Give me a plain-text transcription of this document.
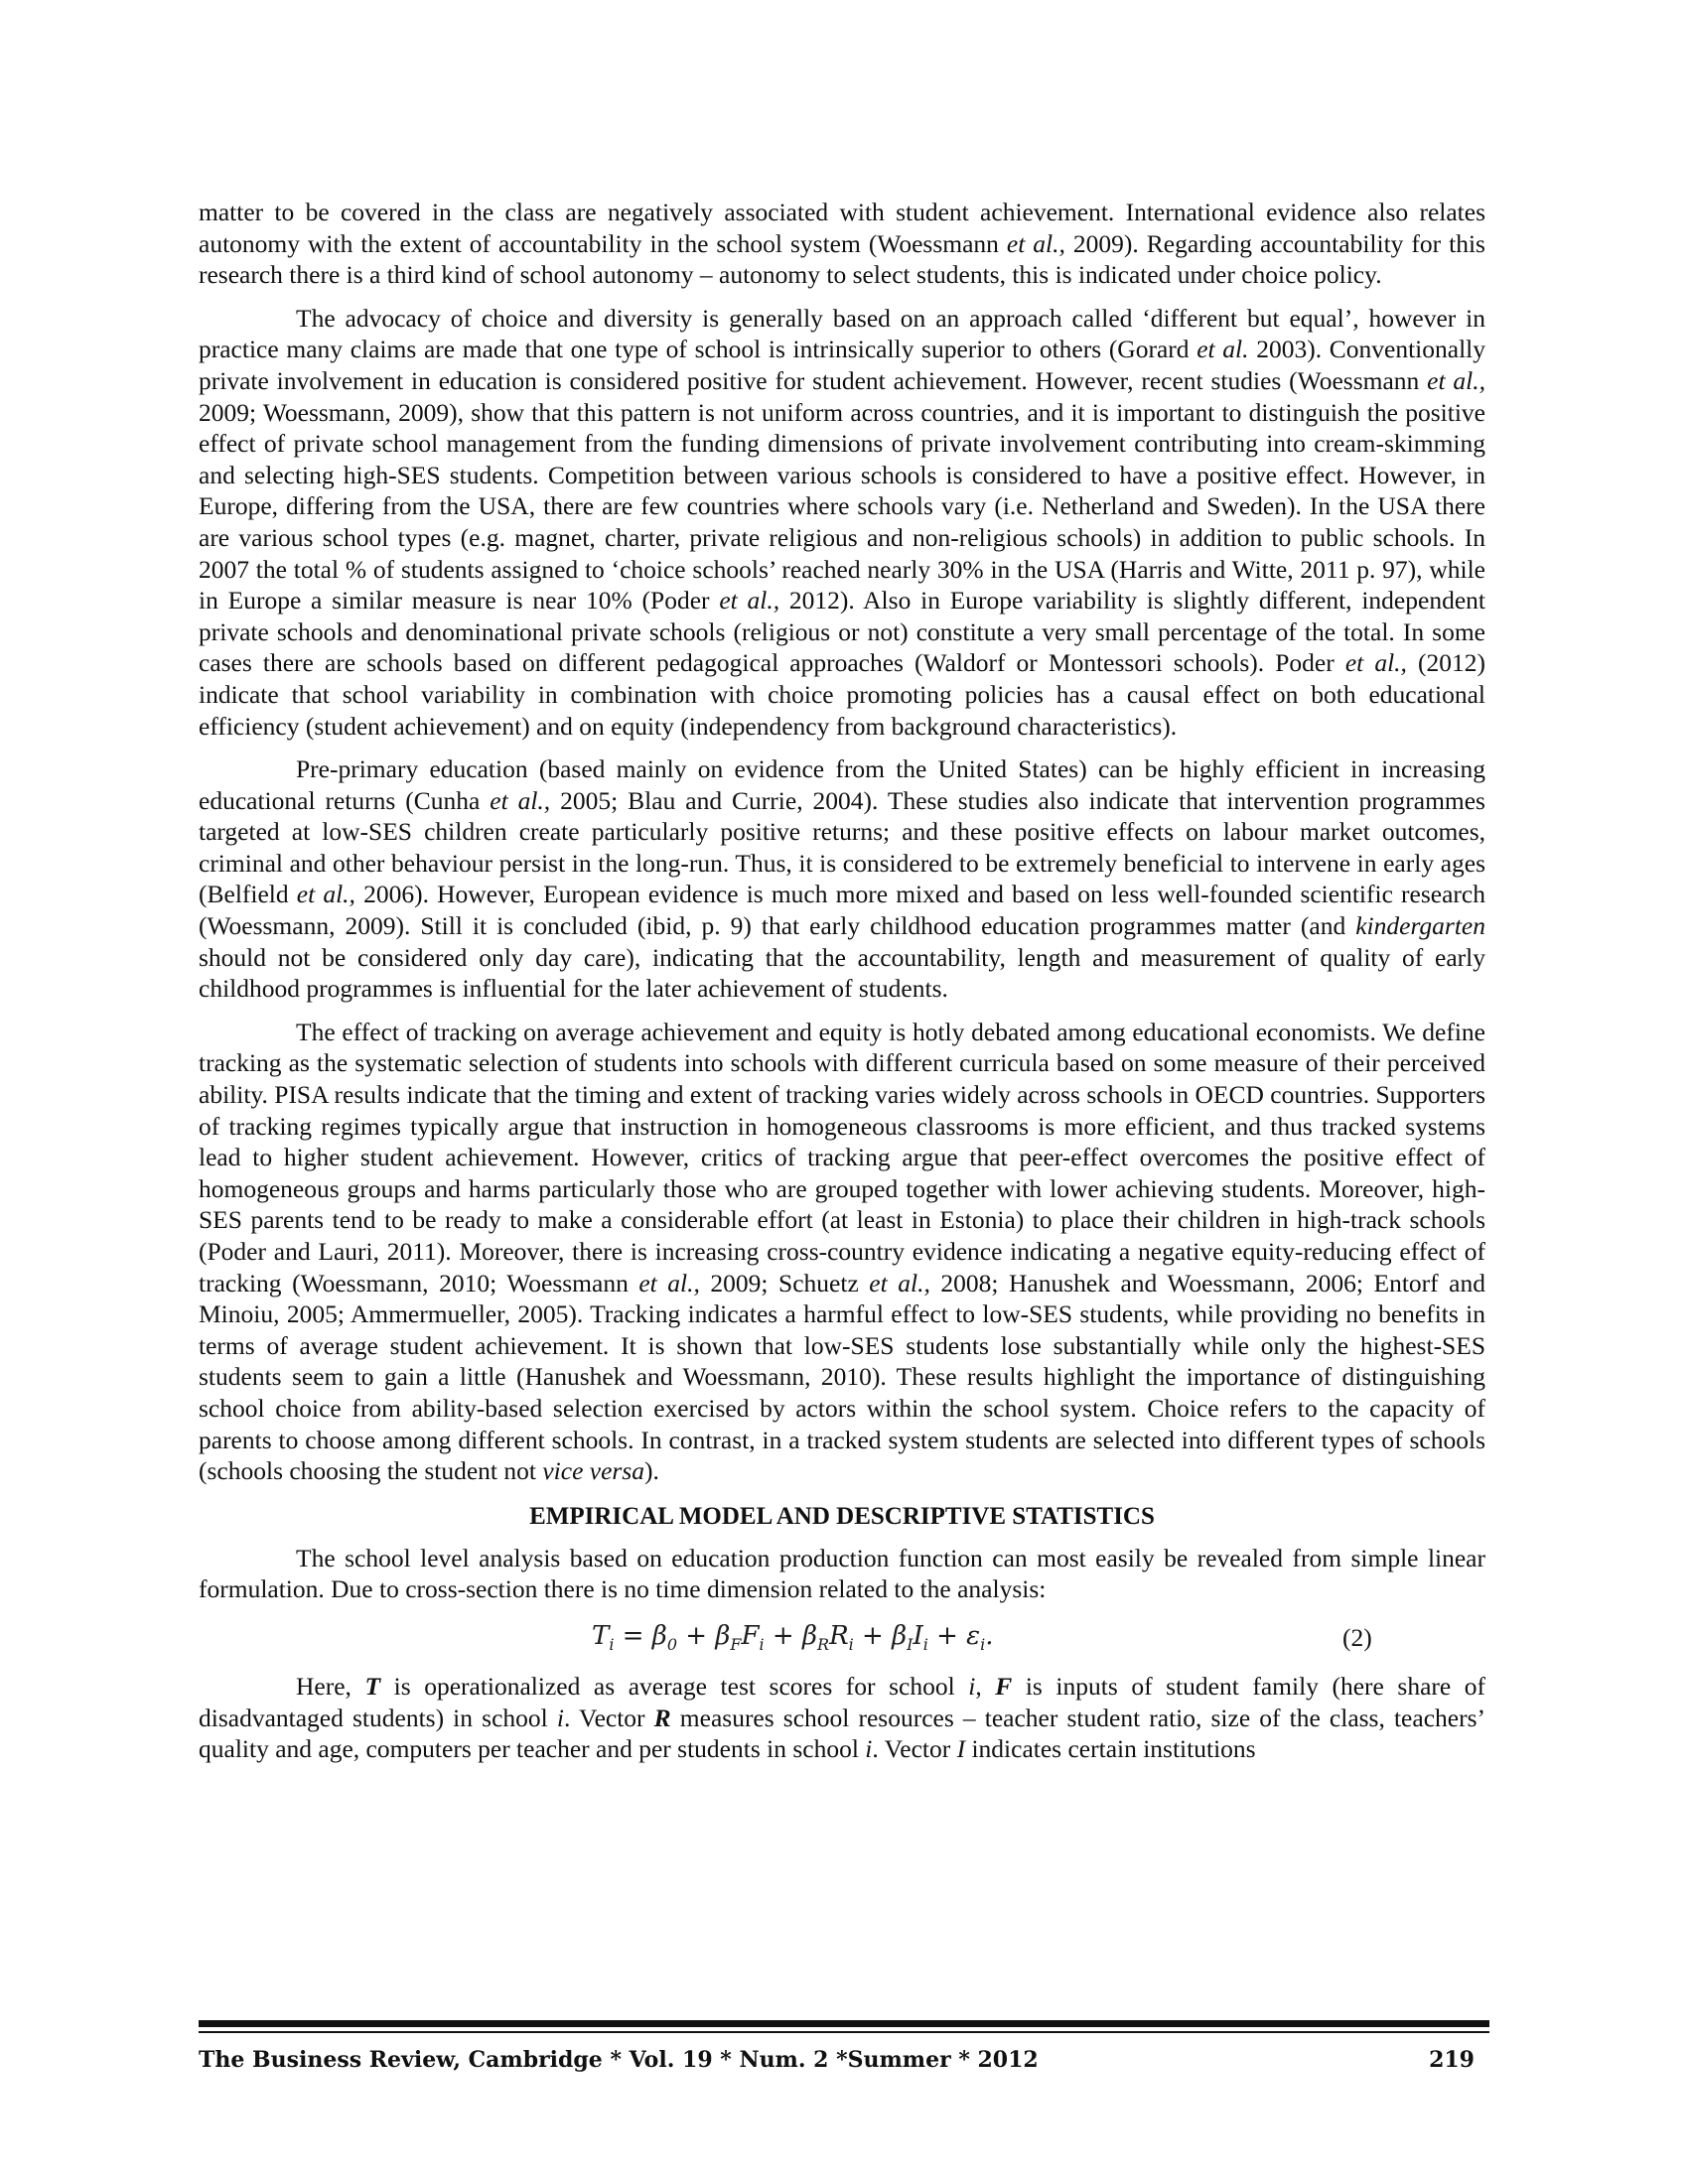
matter to be covered in the class are negatively associated with student achievement. International evidence also relates autonomy with the extent of accountability in the school system (Woessmann et al., 2009). Regarding accountability for this research there is a third kind of school autonomy – autonomy to select students, this is indicated under choice policy.

The advocacy of choice and diversity is generally based on an approach called ‘different but equal’, however in practice many claims are made that one type of school is intrinsically superior to others (Gorard et al. 2003). Conventionally private involvement in education is considered positive for student achievement. However, recent studies (Woessmann et al., 2009; Woessmann, 2009), show that this pattern is not uniform across countries, and it is important to distinguish the positive effect of private school management from the funding dimensions of private involvement contributing into cream-skimming and selecting high-SES students. Competition between various schools is considered to have a positive effect. However, in Europe, differing from the USA, there are few countries where schools vary (i.e. Netherland and Sweden). In the USA there are various school types (e.g. magnet, charter, private religious and non-religious schools) in addition to public schools. In 2007 the total % of students assigned to ‘choice schools’ reached nearly 30% in the USA (Harris and Witte, 2011 p. 97), while in Europe a similar measure is near 10% (Poder et al., 2012). Also in Europe variability is slightly different, independent private schools and denominational private schools (religious or not) constitute a very small percentage of the total. In some cases there are schools based on different pedagogical approaches (Waldorf or Montessori schools). Poder et al., (2012) indicate that school variability in combination with choice promoting policies has a causal effect on both educational efficiency (student achievement) and on equity (independency from background characteristics).

Pre-primary education (based mainly on evidence from the United States) can be highly efficient in increasing educational returns (Cunha et al., 2005; Blau and Currie, 2004). These studies also indicate that intervention programmes targeted at low-SES children create particularly positive returns; and these positive effects on labour market outcomes, criminal and other behaviour persist in the long-run. Thus, it is considered to be extremely beneficial to intervene in early ages (Belfield et al., 2006). However, European evidence is much more mixed and based on less well-founded scientific research (Woessmann, 2009). Still it is concluded (ibid, p. 9) that early childhood education programmes matter (and kindergarten should not be considered only day care), indicating that the accountability, length and measurement of quality of early childhood programmes is influential for the later achievement of students.

The effect of tracking on average achievement and equity is hotly debated among educational economists. We define tracking as the systematic selection of students into schools with different curricula based on some measure of their perceived ability. PISA results indicate that the timing and extent of tracking varies widely across schools in OECD countries. Supporters of tracking regimes typically argue that instruction in homogeneous classrooms is more efficient, and thus tracked systems lead to higher student achievement. However, critics of tracking argue that peer-effect overcomes the positive effect of homogeneous groups and harms particularly those who are grouped together with lower achieving students. Moreover, high-SES parents tend to be ready to make a considerable effort (at least in Estonia) to place their children in high-track schools (Poder and Lauri, 2011). Moreover, there is increasing cross-country evidence indicating a negative equity-reducing effect of tracking (Woessmann, 2010; Woessmann et al., 2009; Schuetz et al., 2008; Hanushek and Woessmann, 2006; Entorf and Minoiu, 2005; Ammermueller, 2005). Tracking indicates a harmful effect to low-SES students, while providing no benefits in terms of average student achievement. It is shown that low-SES students lose substantially while only the highest-SES students seem to gain a little (Hanushek and Woessmann, 2010). These results highlight the importance of distinguishing school choice from ability-based selection exercised by actors within the school system. Choice refers to the capacity of parents to choose among different schools. In contrast, in a tracked system students are selected into different types of schools (schools choosing the student not vice versa).

EMPIRICAL MODEL AND DESCRIPTIVE STATISTICS

The school level analysis based on education production function can most easily be revealed from simple linear formulation. Due to cross-section there is no time dimension related to the analysis:

$T_i = \beta_0 + \beta_FF_i + \beta_RR_i + \beta_II_i + \varepsilon_i$.	(2)

Here, T is operationalized as average test scores for school i, F is inputs of student family (here share of disadvantaged students) in school i. Vector R measures school resources – teacher student ratio, size of the class, teachers’ quality and age, computers per teacher and per students in school i. Vector I indicates certain institutions

The Business Review, Cambridge * Vol. 19 * Num. 2 *Summer * 2012	219
